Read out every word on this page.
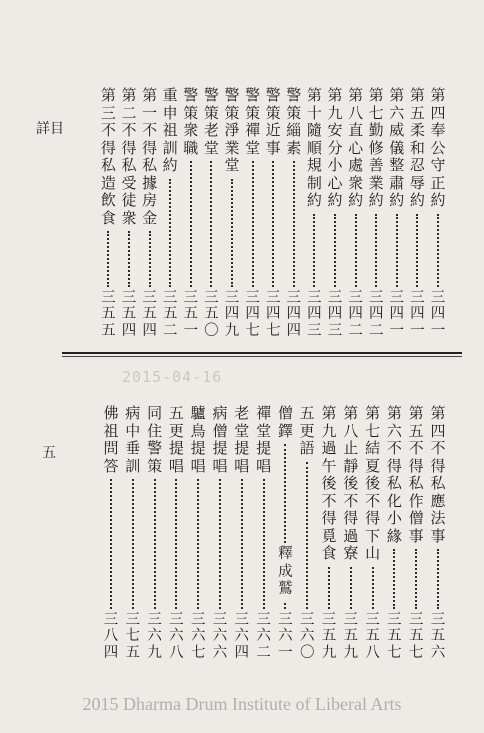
詳目
2015-04-16
五
第
四
奉
公
守
正
約
三
四
一
第
五
柔
和
忍
辱
約
三
四
一
第
六
威
儀
整
肅
約
三
四
一
第
七
勤
修
善
業
約
三
四
二
第
八
直
心
處
衆
約
三
四
二
第
九
安
分
小
心
約
三
四
三
第
十
隨
順
規
制
約
三
四
三
警
策
緇
素
三
四
四
警
策
近
事
三
四
七
警
策
禪
堂
三
四
七
警
策
淨
業
堂
三
四
九
警
策
老
堂
三
五
〇
警
策
衆
職
三
五
一
重
申
祖
訓
約
三
五
二
第
一
不
得
私
據
房
金
三
五
四
第
二
不
得
私
受
徒
衆
三
五
四
第
三
不
得
私
造
飲
食
三
五
五
第
四
不
得
私
應
法
事
三
五
六
第
五
不
得
私
作
僧
事
三
五
七
第
六
不
得
私
化
小
緣
三
五
七
第
七
結
夏
後
不
得
下
山
三
五
八
第
八
止
靜
後
不
得
過
寮
三
五
九
第
九
過
午
後
不
得
覓
食
三
五
九
五
更
語
三
六
〇
僧
鐸
釋
成
鷲
三
六
一
禪
堂
提
唱
三
六
二
老
堂
提
唱
三
六
四
病
僧
提
唱
三
六
六
驢
鳥
提
唱
三
六
七
五
更
提
唱
三
六
八
同
住
警
策
三
六
九
病
中
垂
訓
三
七
五
佛
祖
問
答
三
八
四
2015 Dharma Drum Institute of Liberal Arts
